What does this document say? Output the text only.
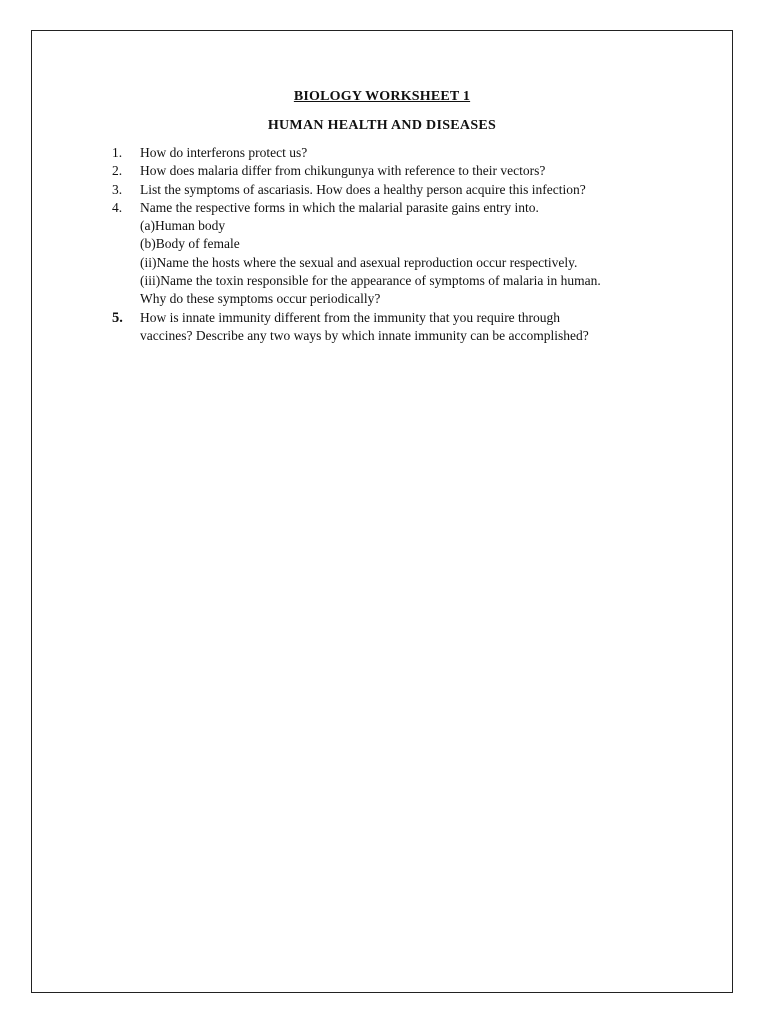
BIOLOGY WORKSHEET 1
HUMAN HEALTH AND DISEASES
1. How do interferons protect us?
2. How does malaria differ from chikungunya with reference to their vectors?
3. List the symptoms of ascariasis. How does a healthy person acquire this infection?
4. Name the respective forms in which the malarial parasite gains entry into.
(a)Human body
(b)Body of female
(ii)Name the hosts where the sexual and asexual reproduction occur respectively.
(iii)Name the toxin responsible for the appearance of symptoms of malaria in human.
Why do these symptoms occur periodically?
5. How is innate immunity different from the immunity that you require through
vaccines? Describe any two ways by which innate immunity can be accomplished?
